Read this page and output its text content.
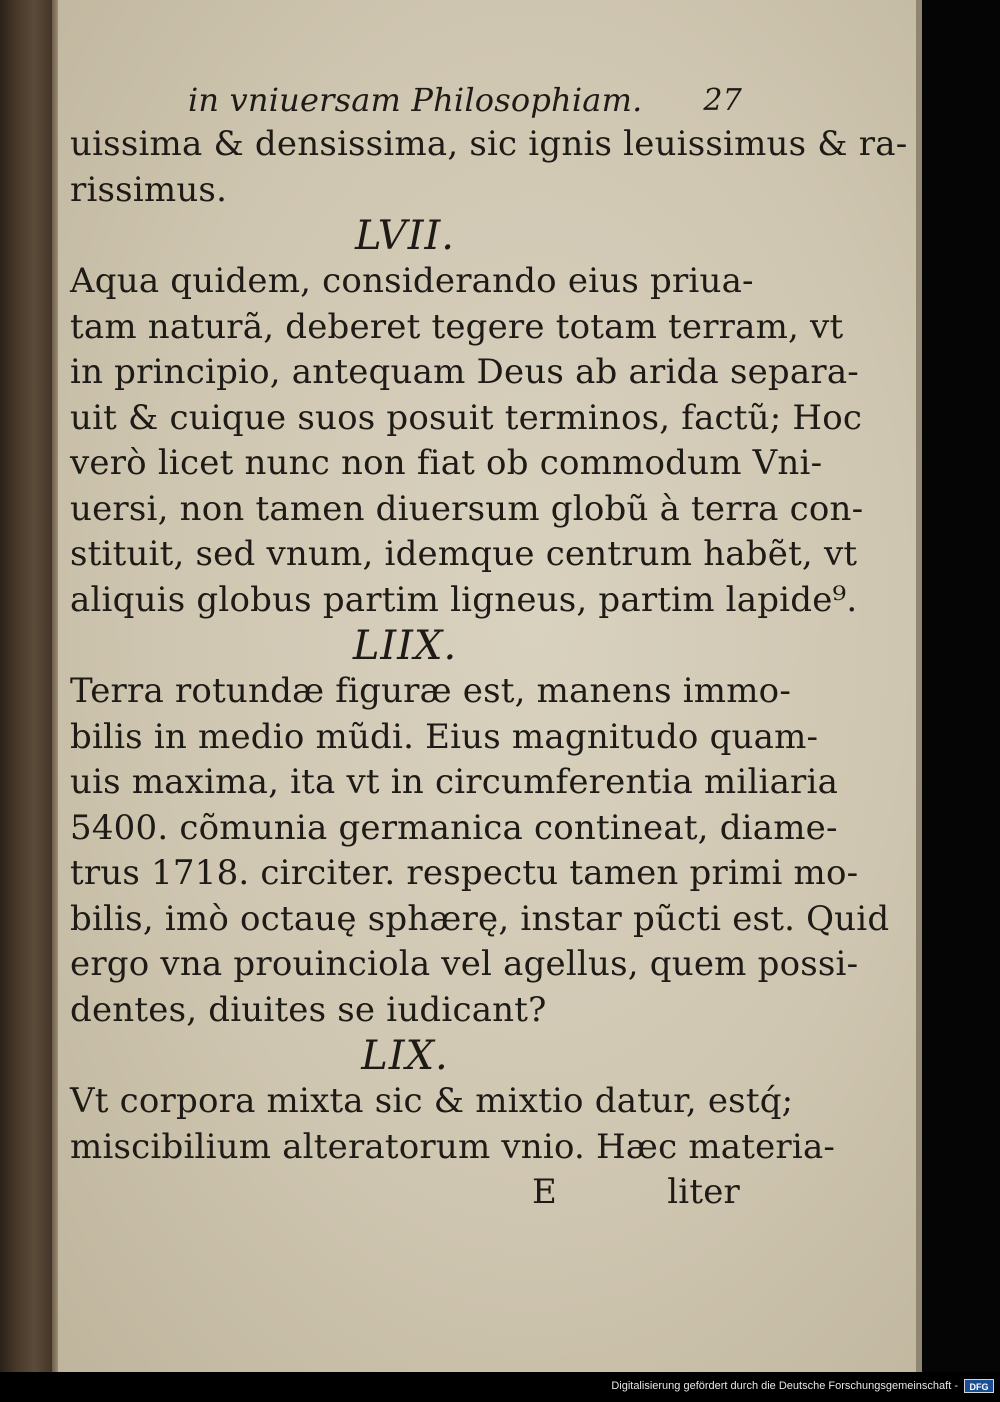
in vniuersam Philosophiam. 27
uissima & densissima, sic ignis leuissimus & ra-
rissimus.
LVII.
Aqua quidem, considerando eius priua-
tam naturã, deberet tegere totam terram, vt
in principio, antequam Deus ab arida separa-
uit & cuique suos posuit terminos, factũ; Hoc
verò licet nunc non fiat ob commodum Vni-
uersi, non tamen diuersum globũ à terra con-
stituit, sed vnum, idemque centrum habẽt, vt
aliquis globus partim ligneus, partim lapide⁹.
LIIX.
Terra rotundæ figuræ est, manens immo-
bilis in medio mũdi. Eius magnitudo quam-
uis maxima, ita vt in circumferentia miliaria
5400. cõmunia germanica contineat, diame-
trus 1718. circiter. respectu tamen primi mo-
bilis, imò octauę sphærę, instar pũcti est. Quid
ergo vna prouinciola vel agellus, quem possi-
dentes, diuites se iudicant?
LIX.
Vt corpora mixta sic & mixtio datur, estq́;
miscibilium alteratorum vnio. Hæc materia-
E	liter
Digitalisierung gefördert durch die Deutsche Forschungsgemeinschaft -	DFG
